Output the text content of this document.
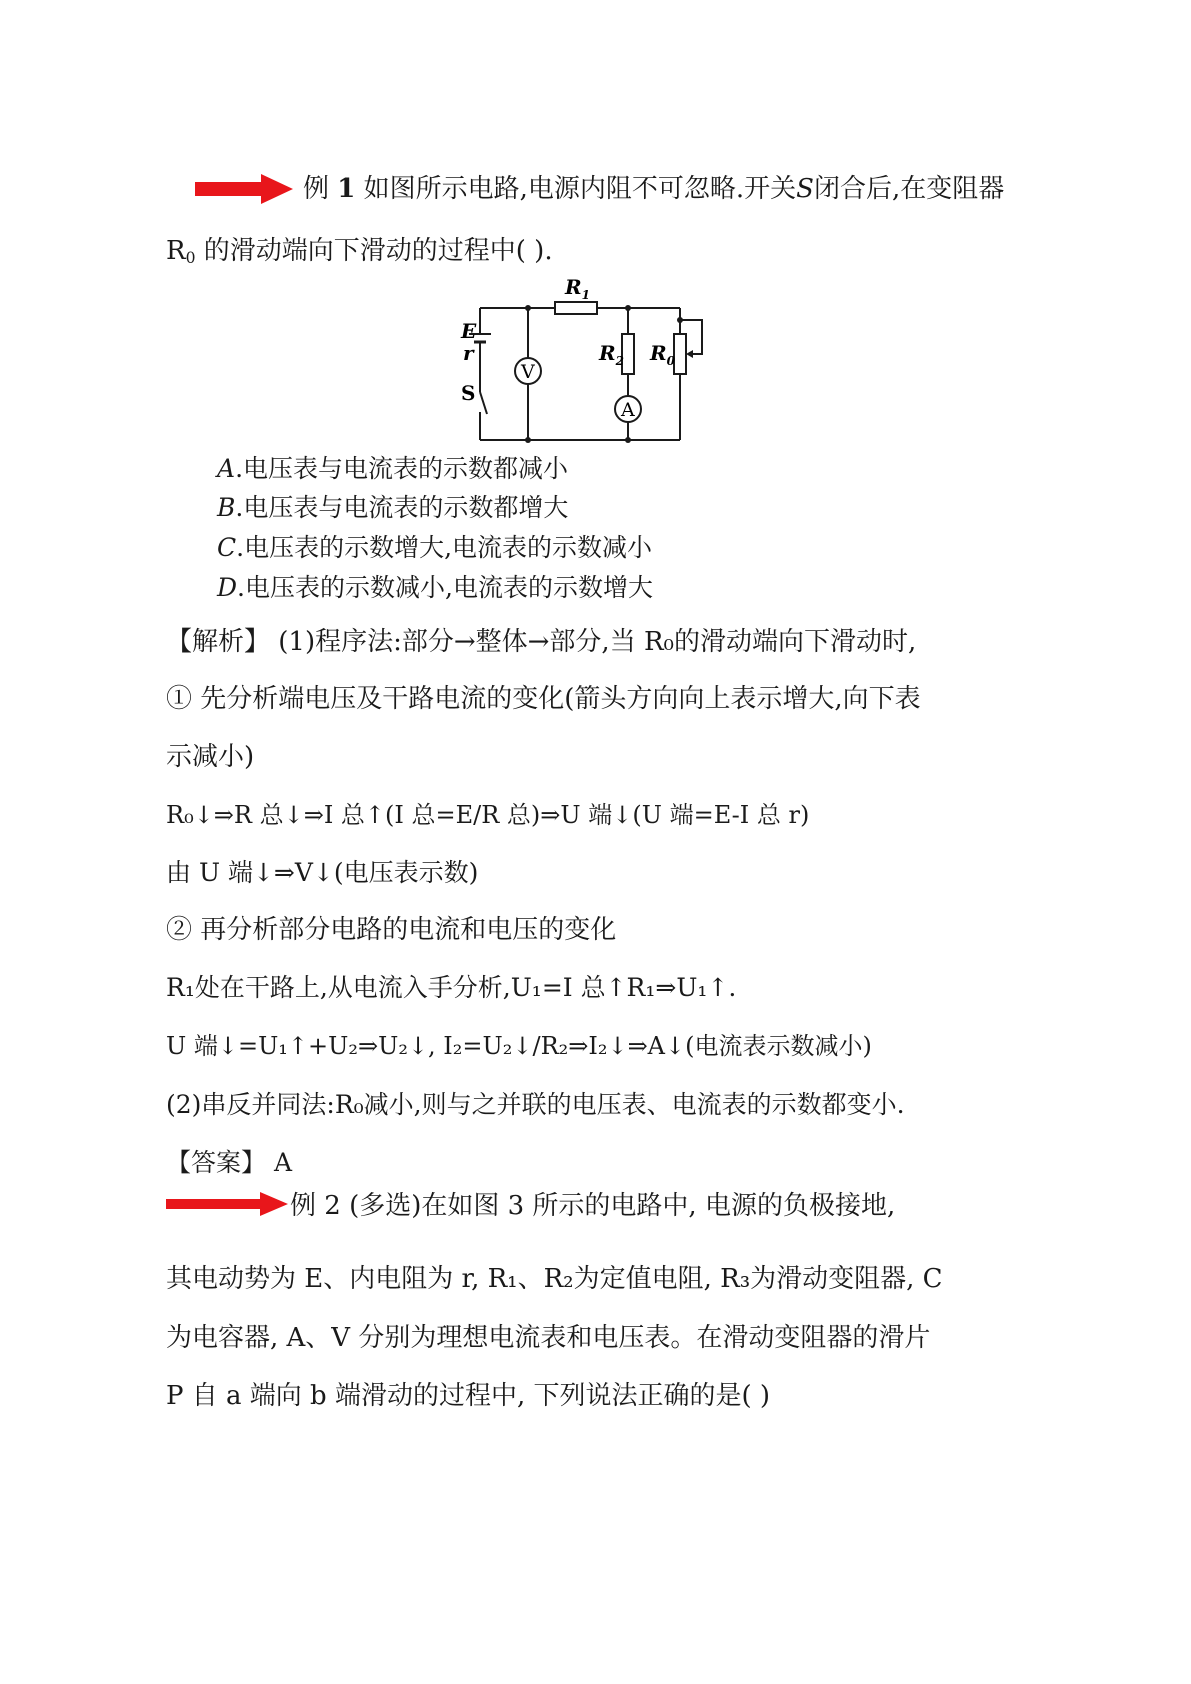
例 1 如图所示电路,电源内阻不可忽略.开关S闭合后,在变阻器
$R_0$ 的滑动端向下滑动的过程中( ).
V
A
$R_1$
$R_2$ $R_0$
E
r
S
A.电压表与电流表的示数都减小
B.电压表与电流表的示数都增大
C.电压表的示数增大,电流表的示数减小
D.电压表的示数减小,电流表的示数增大
【解析】 (1)程序法:部分→整体→部分,当 R₀的滑动端向下滑动时,
① 先分析端电压及干路电流的变化(箭头方向向上表示增大,向下表
示减小)
R₀↓⇒R 总↓⇒I 总↑(I 总=E/R 总)⇒U 端↓(U 端=E-I 总 r)
由 U 端↓⇒V↓(电压表示数)
② 再分析部分电路的电流和电压的变化
R₁处在干路上,从电流入手分析,U₁=I 总↑R₁⇒U₁↑.
U 端↓=U₁↑+U₂⇒U₂↓, I₂=U₂↓/R₂⇒I₂↓⇒A↓(电流表示数减小)
(2)串反并同法:R₀减小,则与之并联的电压表、电流表的示数都变小.
【答案】 A
例 2 (多选)在如图 3 所示的电路中, 电源的负极接地,
其电动势为 E、内电阻为 r, R₁、R₂为定值电阻, R₃为滑动变阻器, C
为电容器, A、V 分别为理想电流表和电压表。在滑动变阻器的滑片
P 自 a 端向 b 端滑动的过程中, 下列说法正确的是( )
